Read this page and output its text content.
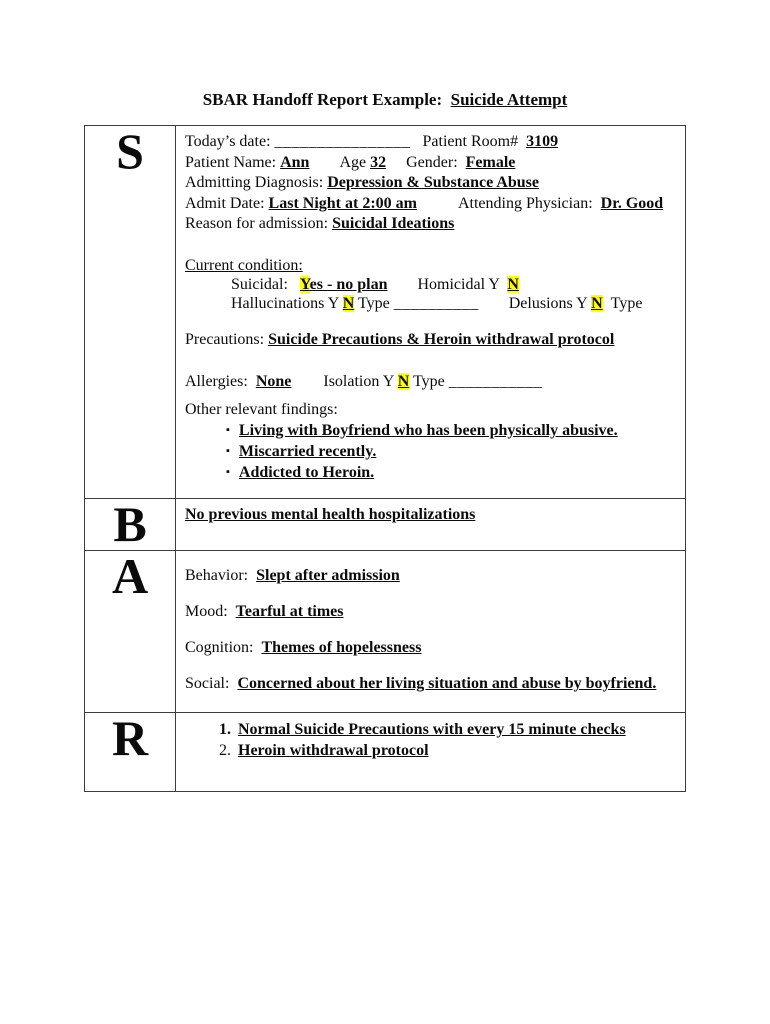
SBAR Handoff Report Example:  Suicide Attempt
S	Today’s date: ________________ Patient Room# 3109
Patient Name: Ann Age 32 Gender: Female
Admitting Diagnosis: Depression & Substance Abuse
Admit Date: Last Night at 2:00 am	Attending Physician: Dr. Good
Reason for admission: Suicidal Ideations
Current condition:
Suicidal: Yes - no plan Homicidal Y N
Hallucinations Y N Type __________ Delusions Y N Type
Precautions: Suicide Precautions & Heroin withdrawal protocol
Allergies: None Isolation Y N Type ___________
Other relevant findings:
▪ Living with Boyfriend who has been physically abusive.
▪ Miscarried recently.
▪ Addicted to Heroin.

B	No previous mental health hospitalizations

A	Behavior: Slept after admission
Mood: Tearful at times
Cognition: Themes of hopelessness
Social: Concerned about her living situation and abuse by boyfriend.

R	1. Normal Suicide Precautions with every 15 minute checks
2. Heroin withdrawal protocol
